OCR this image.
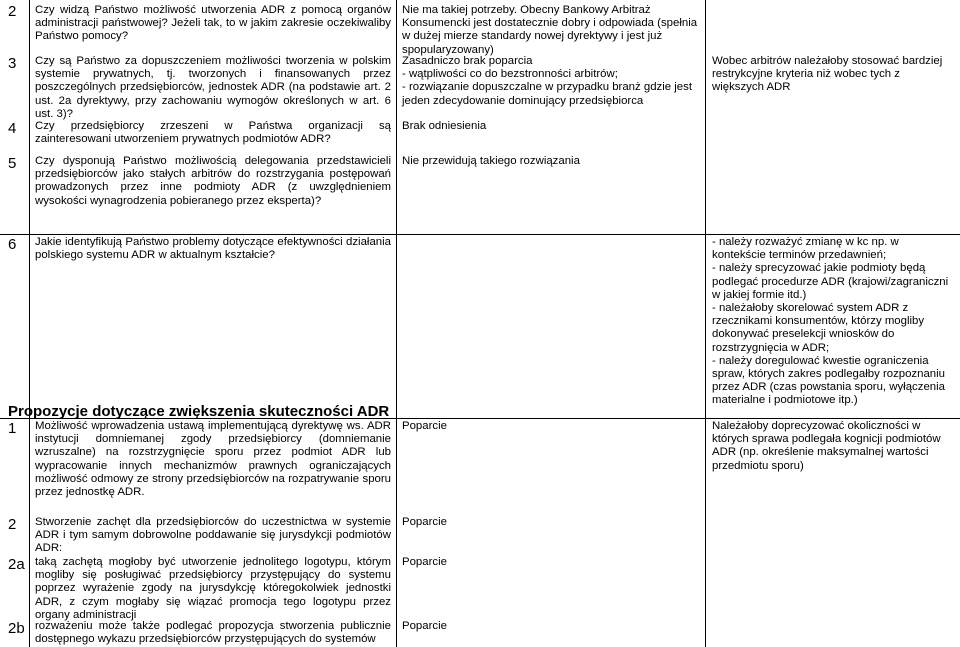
2 Czy widzą Państwo możliwość utworzenia ADR z pomocą organów administracji państwowej? Jeżeli tak, to w jakim zakresie oczekiwaliby Państwo pomocy?
Nie ma takiej potrzeby. Obecny Bankowy Arbitraż Konsumencki jest dostatecznie dobry i odpowiada (spełnia w dużej mierze standardy nowej dyrektywy i jest już spopularyzowany)
3 Czy są Państwo za dopuszczeniem możliwości tworzenia w polskim systemie prywatnych, tj. tworzonych i finansowanych przez poszczególnych przedsiębiorców, jednostek ADR (na podstawie art. 2 ust. 2a dyrektywy, przy zachowaniu wymogów określonych w art. 6 ust. 3)?
Zasadniczo brak poparcia
- wątpliwości co do bezstronności arbitrów;
- rozwiązanie dopuszczalne w przypadku branż gdzie jest jeden zdecydowanie dominujący przedsiębiorca
Wobec arbitrów należałoby stosować bardziej restrykcyjne kryteria niż wobec tych z większych ADR
4 Czy przedsiębiorcy zrzeszeni w Państwa organizacji są zainteresowani utworzeniem prywatnych podmiotów ADR?
Brak odniesienia
5 Czy dysponują Państwo możliwością delegowania przedstawicieli przedsiębiorców jako stałych arbitrów do rozstrzygania postępowań prowadzonych przez inne podmioty ADR (z uwzględnieniem wysokości wynagrodzenia pobieranego przez eksperta)?
Nie przewidują takiego rozwiązania
6 Jakie identyfikują Państwo problemy dotyczące efektywności działania polskiego systemu ADR w aktualnym kształcie?
- należy rozważyć zmianę w kc np. w kontekście terminów przedawnień;
- należy sprecyzować jakie podmioty będą podlegać procedurze ADR (krajowi/zagraniczni w jakiej formie itd.)
- należałoby skorelować system ADR z rzecznikami konsumentów, którzy mogliby dokonywać preselekcji wniosków do rozstrzygnięcia w ADR;
- należy doregulować kwestie ograniczenia spraw, których zakres podlegałby rozpoznaniu przez ADR (czas powstania sporu, wyłączenia materialne i podmiotowe itp.)
Propozycje dotyczące zwiększenia skuteczności ADR
1 Możliwość wprowadzenia ustawą implementującą dyrektywę ws. ADR instytucji domniemanej zgody przedsiębiorcy (domniemanie wzruszalne) na rozstrzygnięcie sporu przez podmiot ADR lub wypracowanie innych mechanizmów prawnych ograniczających możliwość odmowy ze strony przedsiębiorców na rozpatrywanie sporu przez jednostkę ADR.
Poparcie	Należałoby doprecyzować okoliczności w których sprawa podlegała kognicji podmiotów ADR (np. określenie maksymalnej wartości przedmiotu sporu)
2 Stworzenie zachęt dla przedsiębiorców do uczestnictwa w systemie ADR i tym samym dobrowolne poddawanie się jurysdykcji podmiotów ADR:
Poparcie
2a taką zachętą mogłoby być utworzenie jednolitego logotypu, którym mogliby się posługiwać przedsiębiorcy przystępujący do systemu poprzez wyrażenie zgody na jurysdykcję któregokolwiek jednostki ADR, z czym mogłaby się wiązać promocja tego logotypu przez organy administracji
Poparcie
2b rozważeniu może także podlegać propozycja stworzenia publicznie dostępnego wykazu przedsiębiorców przystępujących do systemów
Poparcie
